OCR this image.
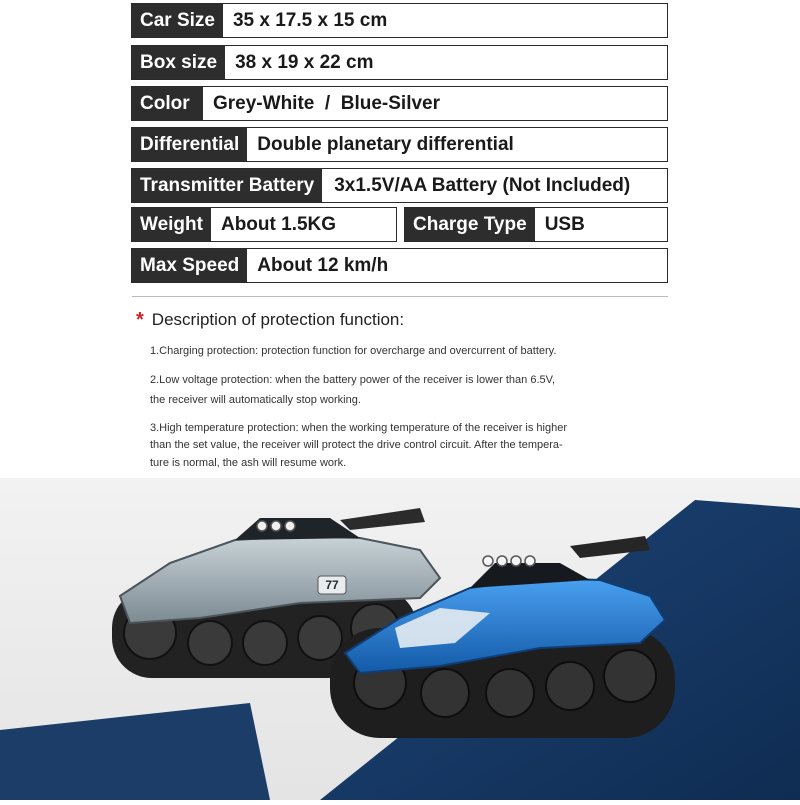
Car Size 35 x 17.5 x 15 cm
Box size 38 x 19 x 22 cm
Color	Grey-White  /  Blue-Silver
Differential Double planetary differential
Transmitter Battery	3x1.5V/AA Battery (Not Included)
Weight About 1.5KG	Charge Type USB
Max Speed About 12 km/h
* Description of protection function:
1.Charging protection: protection function for overcharge and overcurrent of battery.
2.Low voltage protection: when the battery power of the receiver is lower than 6.5V,
the receiver will automatically stop working.
3.High temperature protection: when the working temperature of the receiver is higher
than the set value, the receiver will protect the drive control circuit. After the tempera-
ture is normal, the ash will resume work.
77
